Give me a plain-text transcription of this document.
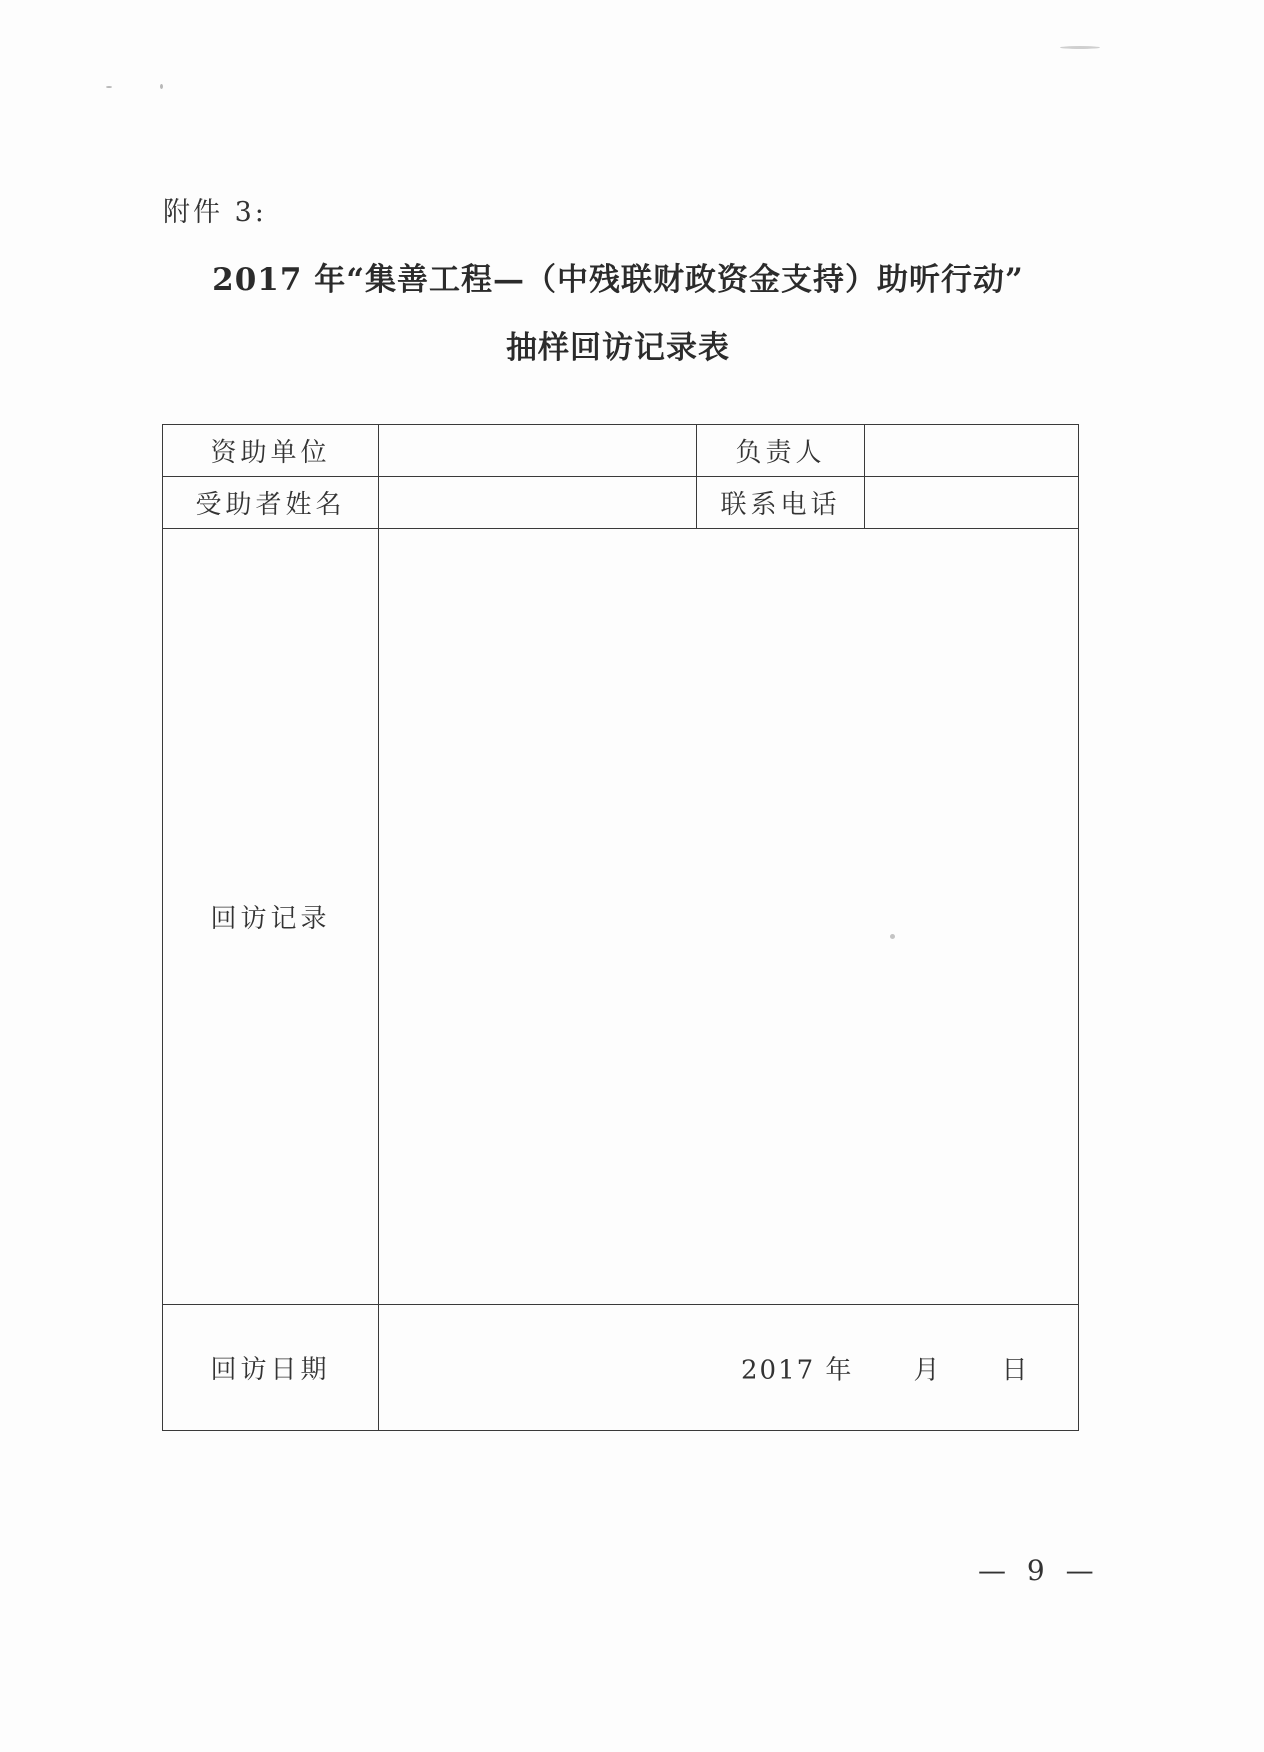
附件 3:
2017 年“集善工程—（中残联财政资金支持）助听行动”
抽样回访记录表
资助单位		负责人	
受助者姓名		联系电话	
回访记录			
回访日期	2017 年 月 日		
— 9 —
